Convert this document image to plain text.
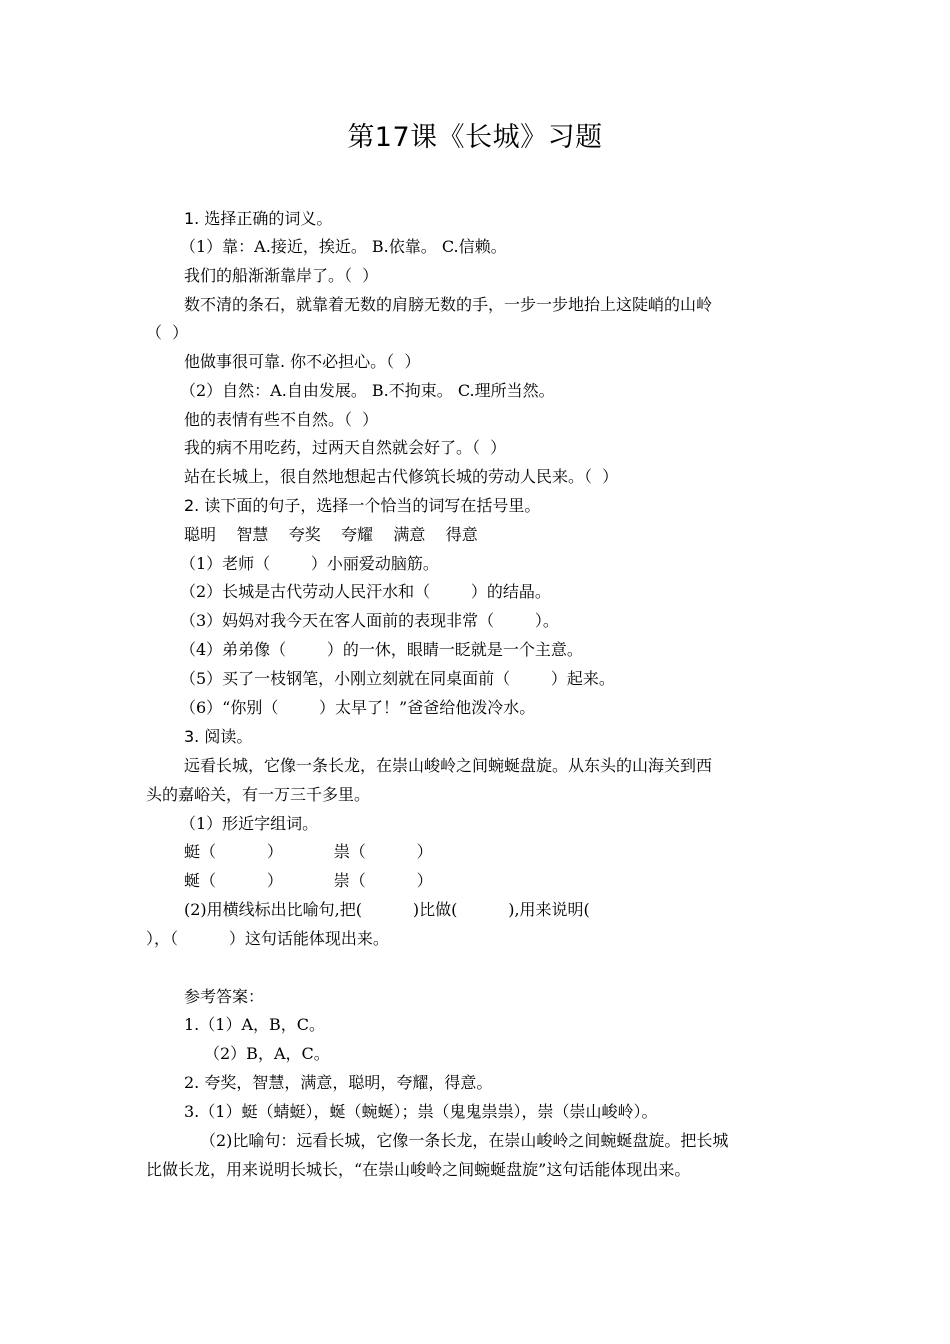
第17课《长城》习题
1. 选择正确的词义。
（1）靠：A.接近，挨近。 B.依靠。 C.信赖。
我们的船渐渐靠岸了。（  ）
数不清的条石，就靠着无数的肩膀无数的手，一步一步地抬上这陡峭的山岭
（  ）
他做事很可靠. 你不必担心。（  ）
（2）自然：A.自由发展。 B.不拘束。 C.理所当然。
他的表情有些不自然。（  ）
我的病不用吃药，过两天自然就会好了。（  ）
站在长城上，很自然地想起古代修筑长城的劳动人民来。（  ）
2. 读下面的句子，选择一个恰当的词写在括号里。
聪明    智慧    夸奖    夸耀    满意    得意
（1）老师（        ）小丽爱动脑筋。
（2）长城是古代劳动人民汗水和（        ）的结晶。
（3）妈妈对我今天在客人面前的表现非常（        ）。
（4）弟弟像（        ）的一休，眼睛一眨就是一个主意。
（5）买了一枝钢笔，小刚立刻就在同桌面前（        ）起来。
（6）“你别（        ）太早了！”爸爸给他泼冷水。
3. 阅读。
远看长城，它像一条长龙，在崇山峻岭之间蜿蜒盘旋。从东头的山海关到西
头的嘉峪关，有一万三千多里。
（1）形近字组词。
蜓（          ）          祟（          ）
蜒（          ）          崇（          ）
(2)用横线标出比喻句,把(          )比做(          ),用来说明(
），（          ）这句话能体现出来。
参考答案：
1.（1）A，B，C。
（2）B，A，C。
2. 夸奖，智慧，满意，聪明，夸耀，得意。
3.（1）蜓（蜻蜓），蜒（蜿蜒）；祟（鬼鬼祟祟），崇（崇山峻岭）。
（2)比喻句：远看长城，它像一条长龙，在崇山峻岭之间蜿蜒盘旋。把长城
比做长龙，用来说明长城长，“在崇山峻岭之间蜿蜒盘旋”这句话能体现出来。
